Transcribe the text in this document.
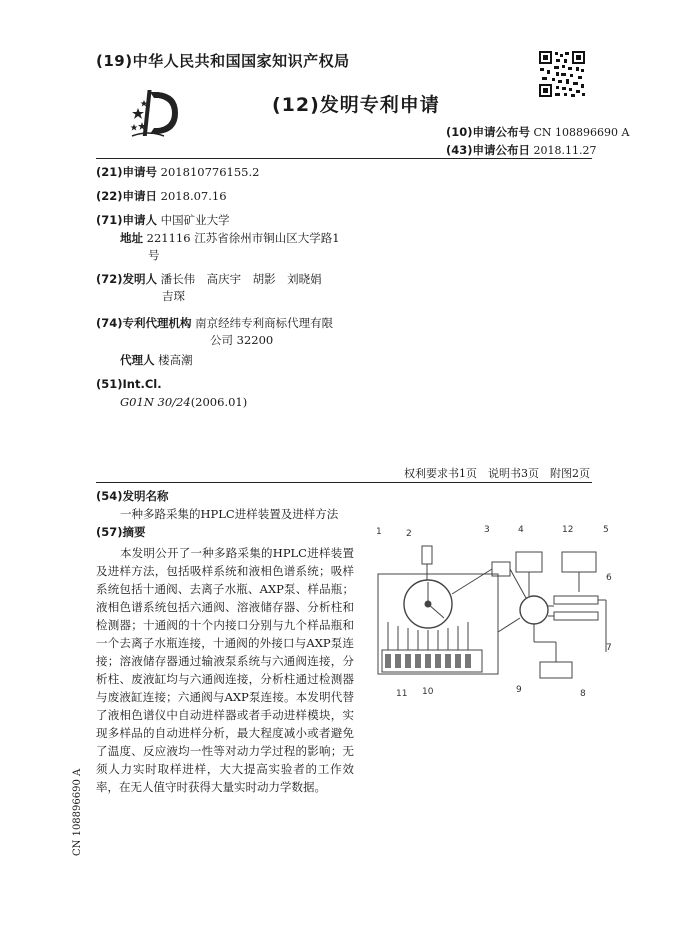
(19)中华人民共和国国家知识产权局
(12)发明专利申请
(10)申请公布号 CN 108896690 A
(43)申请公布日 2018.11.27
(21)申请号 201810776155.2
(22)申请日 2018.07.16
(71)申请人 中国矿业大学
地址 221116 江苏省徐州市铜山区大学路1
号
(72)发明人 潘长伟　高庆宇　胡影　刘晓娟
吉琛
(74)专利代理机构 南京经纬专利商标代理有限
公司 32200
代理人 楼高潮
(51)Int.Cl.
G01N 30/24(2006.01)
权利要求书1页　说明书3页　附图2页
(54)发明名称
一种多路采集的HPLC进样装置及进样方法
(57)摘要
本发明公开了一种多路采集的HPLC进样装置及进样方法，包括吸样系统和液相色谱系统；吸样系统包括十通阀、去离子水瓶、AXP泵、样品瓶；液相色谱系统包括六通阀、溶液储存器、分析柱和检测器；十通阀的十个内接口分别与九个样品瓶和一个去离子水瓶连接，十通阀的外接口与AXP泵连接；溶液储存器通过输液泵系统与六通阀连接，分析柱、废液缸均与六通阀连接，分析柱通过检测器与废液缸连接；六通阀与AXP泵连接。本发明代替了液相色谱仪中自动进样器或者手动进样模块，实现多样品的自动进样分析，最大程度减小或者避免了温度、反应液均一性等对动力学过程的影响；无须人力实时取样进样，大大提高实验者的工作效率，在无人值守时获得大量实时动力学数据。
1	2	3	4	12	5
6
7
8
9
10
11
CN 108896690 A
